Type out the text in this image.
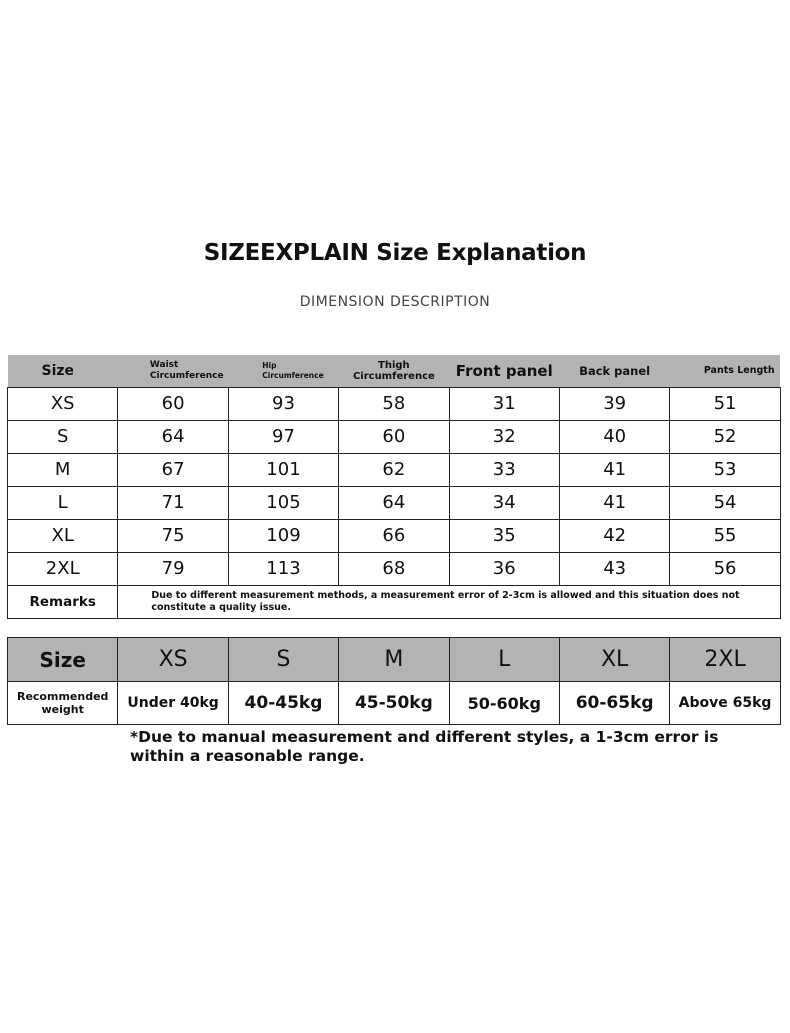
SIZEEXPLAIN Size Explanation
DIMENSION DESCRIPTION
Size	Waist Circumference	Hip Circumference	Thigh Circumference	Front panel	Back panel	Pants Length
XS	60	93	58	31	39	51
S	64	97	60	32	40	52
M	67	101	62	33	41	53
L	71	105	64	34	41	54
XL	75	109	66	35	42	55
2XL	79	113	68	36	43	56
Remarks	Due to different measurement methods, a measurement error of 2-3cm is allowed and this situation does not constitute a quality issue.					
Size	XS	S	M	L	XL	2XL
Recommended weight	Under 40kg	40-45kg	45-50kg	50-60kg	60-65kg	Above 65kg
*Due to manual measurement and different styles, a 1-3cm error is within a reasonable range.
